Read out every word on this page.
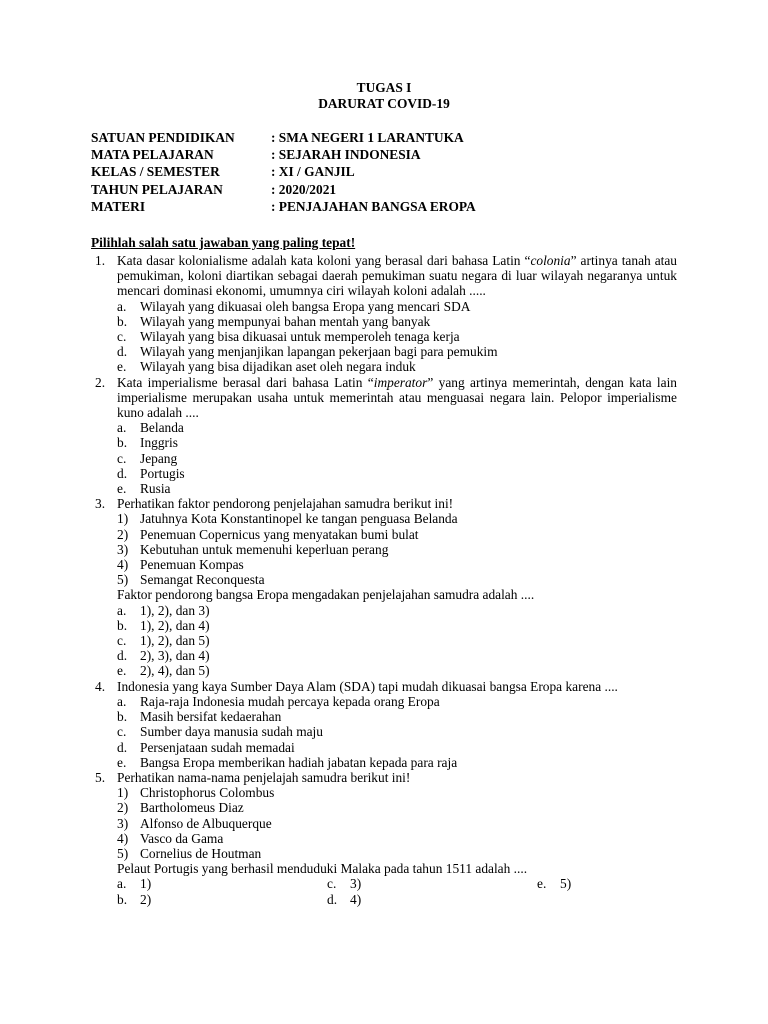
TUGAS I
DARURAT COVID-19
SATUAN PENDIDIKAN	: SMA NEGERI 1 LARANTUKA
MATA PELAJARAN	: SEJARAH INDONESIA
KELAS / SEMESTER	: XI / GANJIL
TAHUN PELAJARAN	: 2020/2021
MATERI	: PENJAJAHAN BANGSA EROPA
Pilihlah salah satu jawaban yang paling tepat!
1. Kata dasar kolonialisme adalah kata koloni yang berasal dari bahasa Latin “colonia” artinya tanah atau pemukiman, koloni diartikan sebagai daerah pemukiman suatu negara di luar wilayah negaranya untuk mencari dominasi ekonomi, umumnya ciri wilayah koloni adalah .....
a. Wilayah yang dikuasai oleh bangsa Eropa yang mencari SDA
b. Wilayah yang mempunyai bahan mentah yang banyak
c. Wilayah yang bisa dikuasai untuk memperoleh tenaga kerja
d. Wilayah yang menjanjikan lapangan pekerjaan bagi para pemukim
e. Wilayah yang bisa dijadikan aset oleh negara induk
2. Kata imperialisme berasal dari bahasa Latin “imperator” yang artinya memerintah, dengan kata lain imperialisme merupakan usaha untuk memerintah atau menguasai negara lain. Pelopor imperialisme kuno adalah ....
a. Belanda
b. Inggris
c. Jepang
d. Portugis
e. Rusia
3. Perhatikan faktor pendorong penjelajahan samudra berikut ini!
1) Jatuhnya Kota Konstantinopel ke tangan penguasa Belanda
2) Penemuan Copernicus yang menyatakan bumi bulat
3) Kebutuhan untuk memenuhi keperluan perang
4) Penemuan Kompas
5) Semangat Reconquesta
Faktor pendorong bangsa Eropa mengadakan penjelajahan samudra adalah ....
a. 1), 2), dan 3)
b. 1), 2), dan 4)
c. 1), 2), dan 5)
d. 2), 3), dan 4)
e. 2), 4), dan 5)
4. Indonesia yang kaya Sumber Daya Alam (SDA) tapi mudah dikuasai bangsa Eropa karena ....
a. Raja-raja Indonesia mudah percaya kepada orang Eropa
b. Masih bersifat kedaerahan
c. Sumber daya manusia sudah maju
d. Persenjataan sudah memadai
e. Bangsa Eropa memberikan hadiah jabatan kepada para raja
5. Perhatikan nama-nama penjelajah samudra berikut ini!
1) Christophorus Colombus
2) Bartholomeus Diaz
3) Alfonso de Albuquerque
4) Vasco da Gama
5) Cornelius de Houtman
Pelaut Portugis yang berhasil menduduki Malaka pada tahun 1511 adalah ....
a. 1)	c. 3)	e. 5)
b. 2)	d. 4)
